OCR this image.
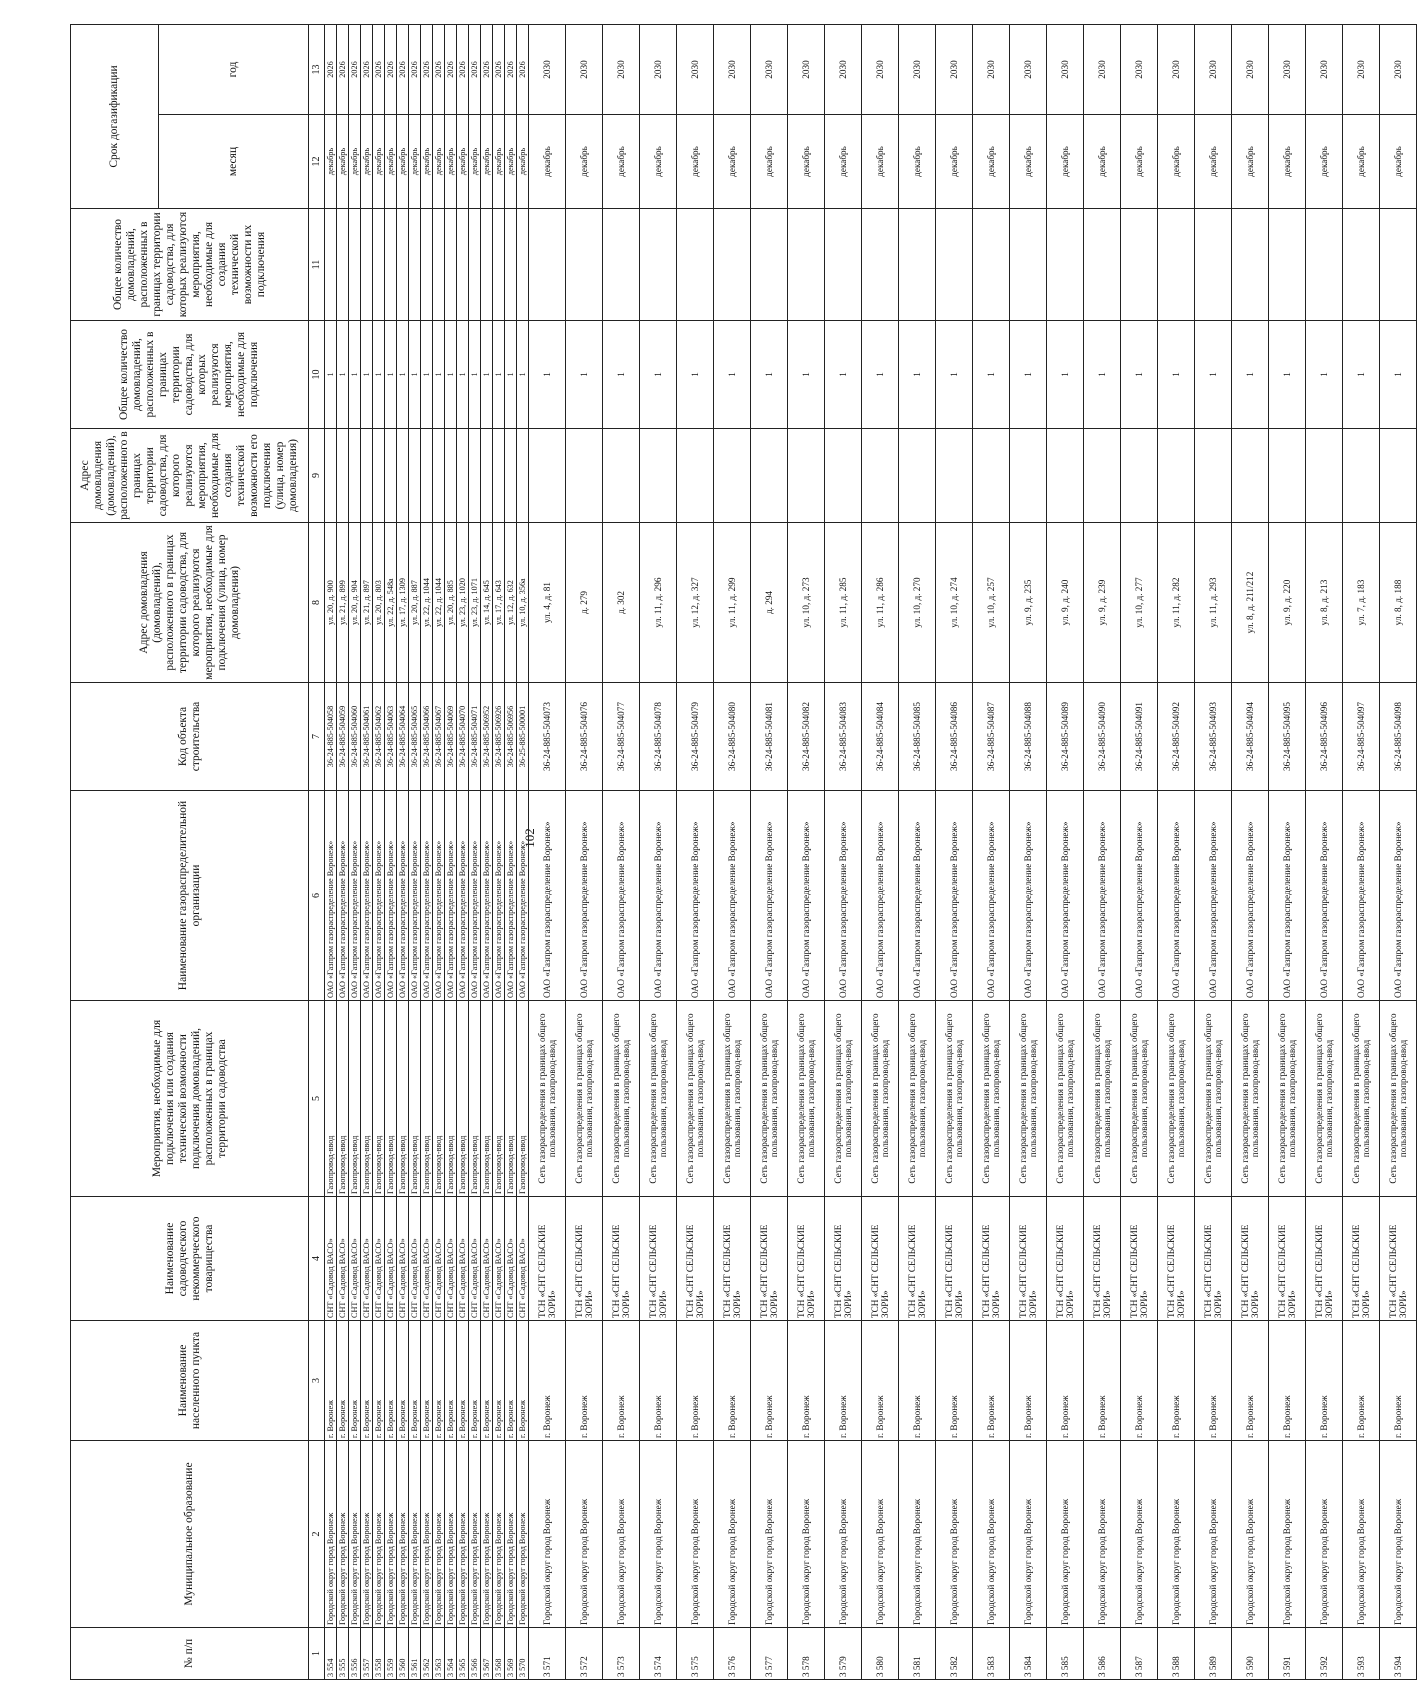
102
№ п/п	Муниципальное образование	Наименование населенного пункта	Наименование садоводческого некоммерческого товарищества	Мероприятия, необходимые для подключения или создания технической возможности подключения домовладений, расположенных в границах территории садоводства	Наименование газораспределительной организации	Код объекта строительства	Адрес домовладения (домовладений), расположенного в границах территории садоводства, для которого реализуются мероприятия, необходимые для подключения (улица, номер домовладения)	Адрес домовладения (домовладений), расположенного в границах территории садоводства, для которого реализуются мероприятия, необходимые для создания технической возможности его подключения (улица, номер домовладения)	Общее количество домовладений, расположенных в границах территории садоводства, для которых реализуются мероприятия, необходимые для подключения	Общее количество домовладений, расположенных в границах территории садоводства, для которых реализуются мероприятия, необходимые для создания технической возможности их подключения	Срок догазификации	
											месяц	год
1	2	3	4	5	6	7	8	9	10	11	12	13
3 554	Городской округ город Воронеж	г. Воронеж	СНТ «Садовод ВАСО»	Газопровод-ввод	ОАО «Газпром газораспределение Воронеж»	36-24-885-504058	ул. 20, д. 900		1		декабрь	2026
3 555	Городской округ город Воронеж	г. Воронеж	СНТ «Садовод ВАСО»	Газопровод-ввод	ОАО «Газпром газораспределение Воронеж»	36-24-885-504059	ул. 21, д. 899		1		декабрь	2026
3 556	Городской округ город Воронеж	г. Воронеж	СНТ «Садовод ВАСО»	Газопровод-ввод	ОАО «Газпром газораспределение Воронеж»	36-24-885-504060	ул. 20, д. 904		1		декабрь	2026
3 557	Городской округ город Воронеж	г. Воронеж	СНТ «Садовод ВАСО»	Газопровод-ввод	ОАО «Газпром газораспределение Воронеж»	36-24-885-504061	ул. 21, д. 897		1		декабрь	2026
3 558	Городской округ город Воронеж	г. Воронеж	СНТ «Садовод ВАСО»	Газопровод-ввод	ОАО «Газпром газораспределение Воронеж»	36-24-885-504062	ул. 20, д. 803		1		декабрь	2026
3 559	Городской округ город Воронеж	г. Воронеж	СНТ «Садовод ВАСО»	Газопровод-ввод	ОАО «Газпром газораспределение Воронеж»	36-24-885-504063	ул. 22, д. 548а		1		декабрь	2026
3 560	Городской округ город Воронеж	г. Воронеж	СНТ «Садовод ВАСО»	Газопровод-ввод	ОАО «Газпром газораспределение Воронеж»	36-24-885-504064	ул. 17, д. 1309		1		декабрь	2026
3 561	Городской округ город Воронеж	г. Воронеж	СНТ «Садовод ВАСО»	Газопровод-ввод	ОАО «Газпром газораспределение Воронеж»	36-24-885-504065	ул. 20, д. 887		1		декабрь	2026
3 562	Городской округ город Воронеж	г. Воронеж	СНТ «Садовод ВАСО»	Газопровод-ввод	ОАО «Газпром газораспределение Воронеж»	36-24-885-504066	ул. 22, д. 1044		1		декабрь	2026
3 563	Городской округ город Воронеж	г. Воронеж	СНТ «Садовод ВАСО»	Газопровод-ввод	ОАО «Газпром газораспределение Воронеж»	36-24-885-504067	ул. 22, д. 1044		1		декабрь	2026
3 564	Городской округ город Воронеж	г. Воронеж	СНТ «Садовод ВАСО»	Газопровод-ввод	ОАО «Газпром газораспределение Воронеж»	36-24-885-504069	ул. 20, д. 885		1		декабрь	2026
3 565	Городской округ город Воронеж	г. Воронеж	СНТ «Садовод ВАСО»	Газопровод-ввод	ОАО «Газпром газораспределение Воронеж»	36-24-885-504070	ул. 23, д. 1020		1		декабрь	2026
3 566	Городской округ город Воронеж	г. Воронеж	СНТ «Садовод ВАСО»	Газопровод-ввод	ОАО «Газпром газораспределение Воронеж»	36-24-885-504071	ул. 23, д. 1071		1		декабрь	2026
3 567	Городской округ город Воронеж	г. Воронеж	СНТ «Садовод ВАСО»	Газопровод-ввод	ОАО «Газпром газораспределение Воронеж»	36-24-885-506952	ул. 14, д. 645		1		декабрь	2026
3 568	Городской округ город Воронеж	г. Воронеж	СНТ «Садовод ВАСО»	Газопровод-ввод	ОАО «Газпром газораспределение Воронеж»	36-24-885-506926	ул. 17, д. 643		1		декабрь	2026
3 569	Городской округ город Воронеж	г. Воронеж	СНТ «Садовод ВАСО»	Газопровод-ввод	ОАО «Газпром газораспределение Воронеж»	36-24-885-506956	ул. 12, д. 632		1		декабрь	2026
3 570	Городской округ город Воронеж	г. Воронеж	СНТ «Садовод ВАСО»	Газопровод-ввод	ОАО «Газпром газораспределение Воронеж»	36-25-885-500001	ул. 10, д. 356а		1		декабрь	2026
3 571	Городской округ город Воронеж	г. Воронеж	ТСН «СНТ СЕЛЬСКИЕ ЗОРИ»	Сеть газораспределения в границах общего пользования, газопровод-ввод	ОАО «Газпром газораспределение Воронеж»	36-24-885-504073	ул. 4, д. 81		1		декабрь	2030
3 572	Городской округ город Воронеж	г. Воронеж	ТСН «СНТ СЕЛЬСКИЕ ЗОРИ»	Сеть газораспределения в границах общего пользования, газопровод-ввод	ОАО «Газпром газораспределение Воронеж»	36-24-885-504076	д. 279		1		декабрь	2030
3 573	Городской округ город Воронеж	г. Воронеж	ТСН «СНТ СЕЛЬСКИЕ ЗОРИ»	Сеть газораспределения в границах общего пользования, газопровод-ввод	ОАО «Газпром газораспределение Воронеж»	36-24-885-504077	д. 302		1		декабрь	2030
3 574	Городской округ город Воронеж	г. Воронеж	ТСН «СНТ СЕЛЬСКИЕ ЗОРИ»	Сеть газораспределения в границах общего пользования, газопровод-ввод	ОАО «Газпром газораспределение Воронеж»	36-24-885-504078	ул. 11, д. 296		1		декабрь	2030
3 575	Городской округ город Воронеж	г. Воронеж	ТСН «СНТ СЕЛЬСКИЕ ЗОРИ»	Сеть газораспределения в границах общего пользования, газопровод-ввод	ОАО «Газпром газораспределение Воронеж»	36-24-885-504079	ул. 12, д. 327		1		декабрь	2030
3 576	Городской округ город Воронеж	г. Воронеж	ТСН «СНТ СЕЛЬСКИЕ ЗОРИ»	Сеть газораспределения в границах общего пользования, газопровод-ввод	ОАО «Газпром газораспределение Воронеж»	36-24-885-504080	ул. 11, д. 299		1		декабрь	2030
3 577	Городской округ город Воронеж	г. Воронеж	ТСН «СНТ СЕЛЬСКИЕ ЗОРИ»	Сеть газораспределения в границах общего пользования, газопровод-ввод	ОАО «Газпром газораспределение Воронеж»	36-24-885-504081	д. 294		1		декабрь	2030
3 578	Городской округ город Воронеж	г. Воронеж	ТСН «СНТ СЕЛЬСКИЕ ЗОРИ»	Сеть газораспределения в границах общего пользования, газопровод-ввод	ОАО «Газпром газораспределение Воронеж»	36-24-885-504082	ул. 10, д. 273		1		декабрь	2030
3 579	Городской округ город Воронеж	г. Воронеж	ТСН «СНТ СЕЛЬСКИЕ ЗОРИ»	Сеть газораспределения в границах общего пользования, газопровод-ввод	ОАО «Газпром газораспределение Воронеж»	36-24-885-504083	ул. 11, д. 285		1		декабрь	2030
3 580	Городской округ город Воронеж	г. Воронеж	ТСН «СНТ СЕЛЬСКИЕ ЗОРИ»	Сеть газораспределения в границах общего пользования, газопровод-ввод	ОАО «Газпром газораспределение Воронеж»	36-24-885-504084	ул. 11, д. 286		1		декабрь	2030
3 581	Городской округ город Воронеж	г. Воронеж	ТСН «СНТ СЕЛЬСКИЕ ЗОРИ»	Сеть газораспределения в границах общего пользования, газопровод-ввод	ОАО «Газпром газораспределение Воронеж»	36-24-885-504085	ул. 10, д. 270		1		декабрь	2030
3 582	Городской округ город Воронеж	г. Воронеж	ТСН «СНТ СЕЛЬСКИЕ ЗОРИ»	Сеть газораспределения в границах общего пользования, газопровод-ввод	ОАО «Газпром газораспределение Воронеж»	36-24-885-504086	ул. 10, д. 274		1		декабрь	2030
3 583	Городской округ город Воронеж	г. Воронеж	ТСН «СНТ СЕЛЬСКИЕ ЗОРИ»	Сеть газораспределения в границах общего пользования, газопровод-ввод	ОАО «Газпром газораспределение Воронеж»	36-24-885-504087	ул. 10, д. 257		1		декабрь	2030
3 584	Городской округ город Воронеж	г. Воронеж	ТСН «СНТ СЕЛЬСКИЕ ЗОРИ»	Сеть газораспределения в границах общего пользования, газопровод-ввод	ОАО «Газпром газораспределение Воронеж»	36-24-885-504088	ул. 9, д. 235		1		декабрь	2030
3 585	Городской округ город Воронеж	г. Воронеж	ТСН «СНТ СЕЛЬСКИЕ ЗОРИ»	Сеть газораспределения в границах общего пользования, газопровод-ввод	ОАО «Газпром газораспределение Воронеж»	36-24-885-504089	ул. 9, д. 240		1		декабрь	2030
3 586	Городской округ город Воронеж	г. Воронеж	ТСН «СНТ СЕЛЬСКИЕ ЗОРИ»	Сеть газораспределения в границах общего пользования, газопровод-ввод	ОАО «Газпром газораспределение Воронеж»	36-24-885-504090	ул. 9, д. 239		1		декабрь	2030
3 587	Городской округ город Воронеж	г. Воронеж	ТСН «СНТ СЕЛЬСКИЕ ЗОРИ»	Сеть газораспределения в границах общего пользования, газопровод-ввод	ОАО «Газпром газораспределение Воронеж»	36-24-885-504091	ул. 10, д. 277		1		декабрь	2030
3 588	Городской округ город Воронеж	г. Воронеж	ТСН «СНТ СЕЛЬСКИЕ ЗОРИ»	Сеть газораспределения в границах общего пользования, газопровод-ввод	ОАО «Газпром газораспределение Воронеж»	36-24-885-504092	ул. 11, д. 282		1		декабрь	2030
3 589	Городской округ город Воронеж	г. Воронеж	ТСН «СНТ СЕЛЬСКИЕ ЗОРИ»	Сеть газораспределения в границах общего пользования, газопровод-ввод	ОАО «Газпром газораспределение Воронеж»	36-24-885-504093	ул. 11, д. 293		1		декабрь	2030
3 590	Городской округ город Воронеж	г. Воронеж	ТСН «СНТ СЕЛЬСКИЕ ЗОРИ»	Сеть газораспределения в границах общего пользования, газопровод-ввод	ОАО «Газпром газораспределение Воронеж»	36-24-885-504094	ул. 8, д. 211/212		1		декабрь	2030
3 591	Городской округ город Воронеж	г. Воронеж	ТСН «СНТ СЕЛЬСКИЕ ЗОРИ»	Сеть газораспределения в границах общего пользования, газопровод-ввод	ОАО «Газпром газораспределение Воронеж»	36-24-885-504095	ул. 9, д. 220		1		декабрь	2030
3 592	Городской округ город Воронеж	г. Воронеж	ТСН «СНТ СЕЛЬСКИЕ ЗОРИ»	Сеть газораспределения в границах общего пользования, газопровод-ввод	ОАО «Газпром газораспределение Воронеж»	36-24-885-504096	ул. 8, д. 213		1		декабрь	2030
3 593	Городской округ город Воронеж	г. Воронеж	ТСН «СНТ СЕЛЬСКИЕ ЗОРИ»	Сеть газораспределения в границах общего пользования, газопровод-ввод	ОАО «Газпром газораспределение Воронеж»	36-24-885-504097	ул. 7, д. 183		1		декабрь	2030
3 594	Городской округ город Воронеж	г. Воронеж	ТСН «СНТ СЕЛЬСКИЕ ЗОРИ»	Сеть газораспределения в границах общего пользования, газопровод-ввод	ОАО «Газпром газораспределение Воронеж»	36-24-885-504098	ул. 8, д. 188		1		декабрь	2030
